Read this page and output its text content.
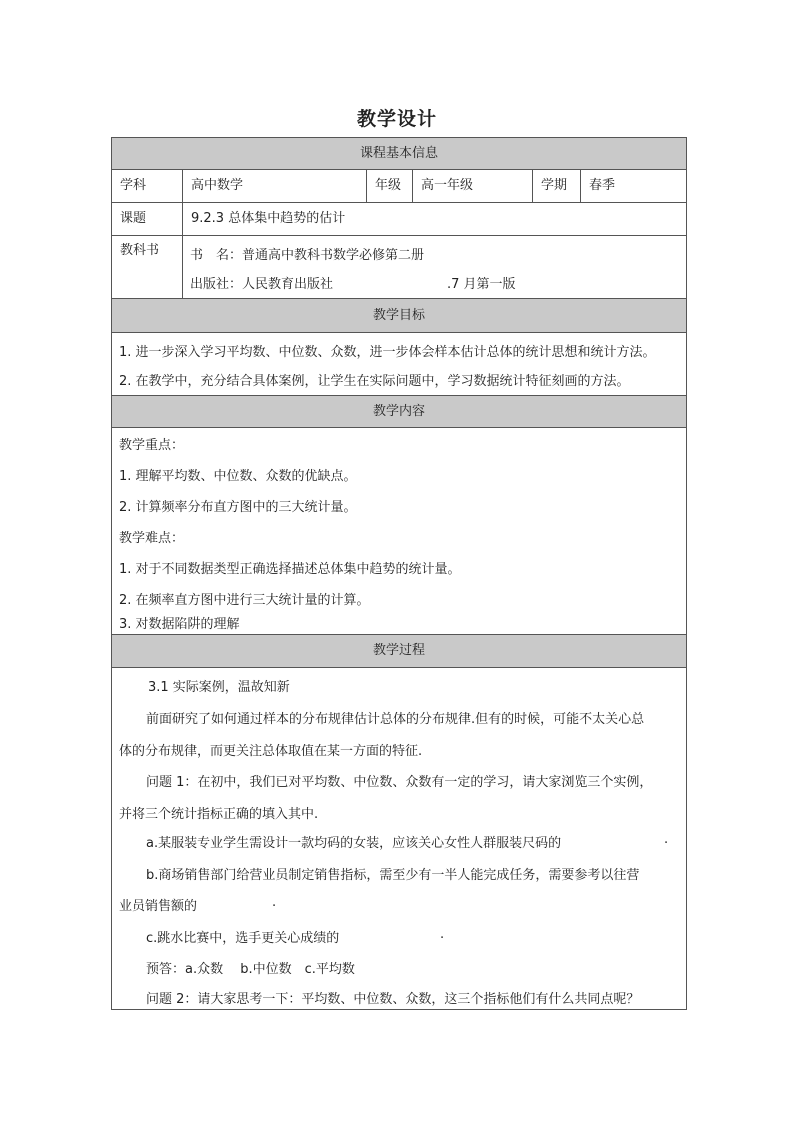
教学设计
课程基本信息
学科	高中数学	年级	高一年级	学期	春季
课题	9.2.3 总体集中趋势的估计
教科书	书　名：普通高中教科书数学必修第二册
出版社：人民教育出版社	.7 月第一版
教学目标
1. 进一步深入学习平均数、中位数、众数，进一步体会样本估计总体的统计思想和统计方法。
2. 在教学中，充分结合具体案例，让学生在实际问题中，学习数据统计特征刻画的方法。
教学内容
教学重点：
1. 理解平均数、中位数、众数的优缺点。
2. 计算频率分布直方图中的三大统计量。
教学难点：
1. 对于不同数据类型正确选择描述总体集中趋势的统计量。
2. 在频率直方图中进行三大统计量的计算。
3. 对数据陷阱的理解
教学过程
3.1 实际案例，温故知新
前面研究了如何通过样本的分布规律估计总体的分布规律.但有的时候，可能不太关心总
体的分布规律，而更关注总体取值在某一方面的特征.
问题 1：在初中，我们已对平均数、中位数、众数有一定的学习，请大家浏览三个实例，
并将三个统计指标正确的填入其中.
a.某服装专业学生需设计一款均码的女装，应该关心女性人群服装尺码的	.
b.商场销售部门给营业员制定销售指标，需至少有一半人能完成任务，需要参考以往营
业员销售额的	.
c.跳水比赛中，选手更关心成绩的	.
预答：a.众数　 b.中位数　c.平均数
问题 2：请大家思考一下：平均数、中位数、众数，这三个指标他们有什么共同点呢？
